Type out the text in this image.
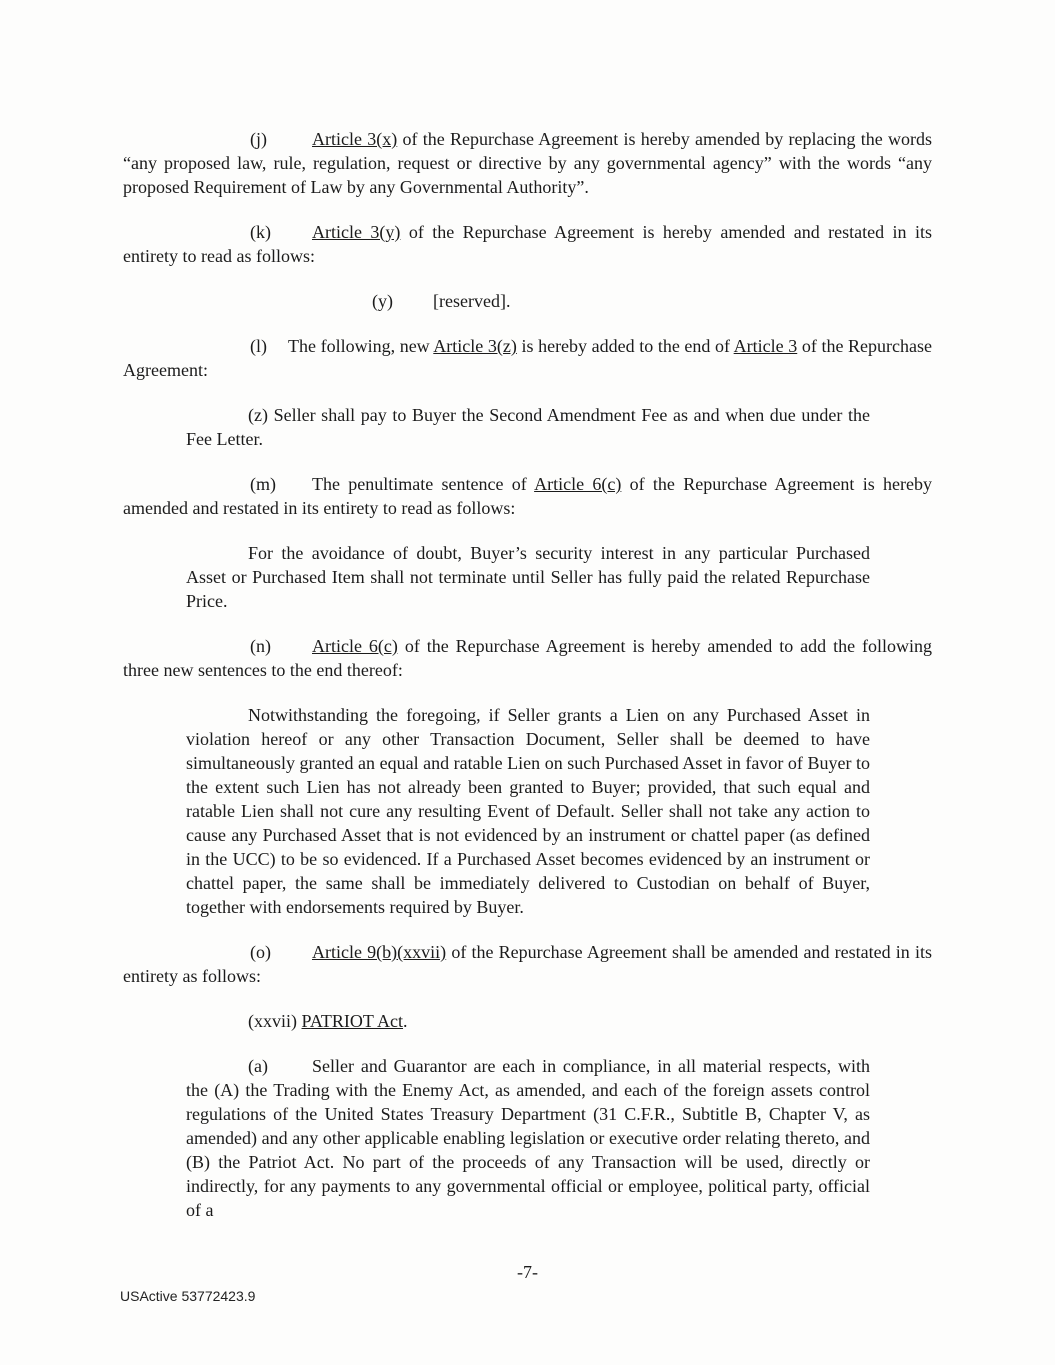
(j)	Article 3(x) of the Repurchase Agreement is hereby amended by replacing the words “any proposed law, rule, regulation, request or directive by any governmental agency” with the words “any proposed Requirement of Law by any Governmental Authority”.

(k) Article 3(y) of the Repurchase Agreement is hereby amended and restated in its entirety to read as follows:

(y) [reserved].

(l) The following, new Article 3(z) is hereby added to the end of Article 3 of the Repurchase Agreement:

(z) Seller shall pay to Buyer the Second Amendment Fee as and when due under the Fee Letter.

(m) The penultimate sentence of Article 6(c) of the Repurchase Agreement is hereby amended and restated in its entirety to read as follows:

For the avoidance of doubt, Buyer’s security interest in any particular Purchased Asset or Purchased Item shall not terminate until Seller has fully paid the related Repurchase Price.

(n) Article 6(c) of the Repurchase Agreement is hereby amended to add the following three new sentences to the end thereof:

Notwithstanding the foregoing, if Seller grants a Lien on any Purchased Asset in violation hereof or any other Transaction Document, Seller shall be deemed to have simultaneously granted an equal and ratable Lien on such Purchased Asset in favor of Buyer to the extent such Lien has not already been granted to Buyer; provided, that such equal and ratable Lien shall not cure any resulting Event of Default. Seller shall not take any action to cause any Purchased Asset that is not evidenced by an instrument or chattel paper (as defined in the UCC) to be so evidenced. If a Purchased Asset becomes evidenced by an instrument or chattel paper, the same shall be immediately delivered to Custodian on behalf of Buyer, together with endorsements required by Buyer.

(o) Article 9(b)(xxvii) of the Repurchase Agreement shall be amended and restated in its entirety as follows:

(xxvii) PATRIOT Act.

(a) Seller and Guarantor are each in compliance, in all material respects, with the (A) the Trading with the Enemy Act, as amended, and each of the foreign assets control regulations of the United States Treasury Department (31 C.F.R., Subtitle B, Chapter V, as amended) and any other applicable enabling legislation or executive order relating thereto, and (B) the Patriot Act. No part of the proceeds of any Transaction will be used, directly or indirectly, for any payments to any governmental official or employee, political party, official of a

-7-
USActive 53772423.9
